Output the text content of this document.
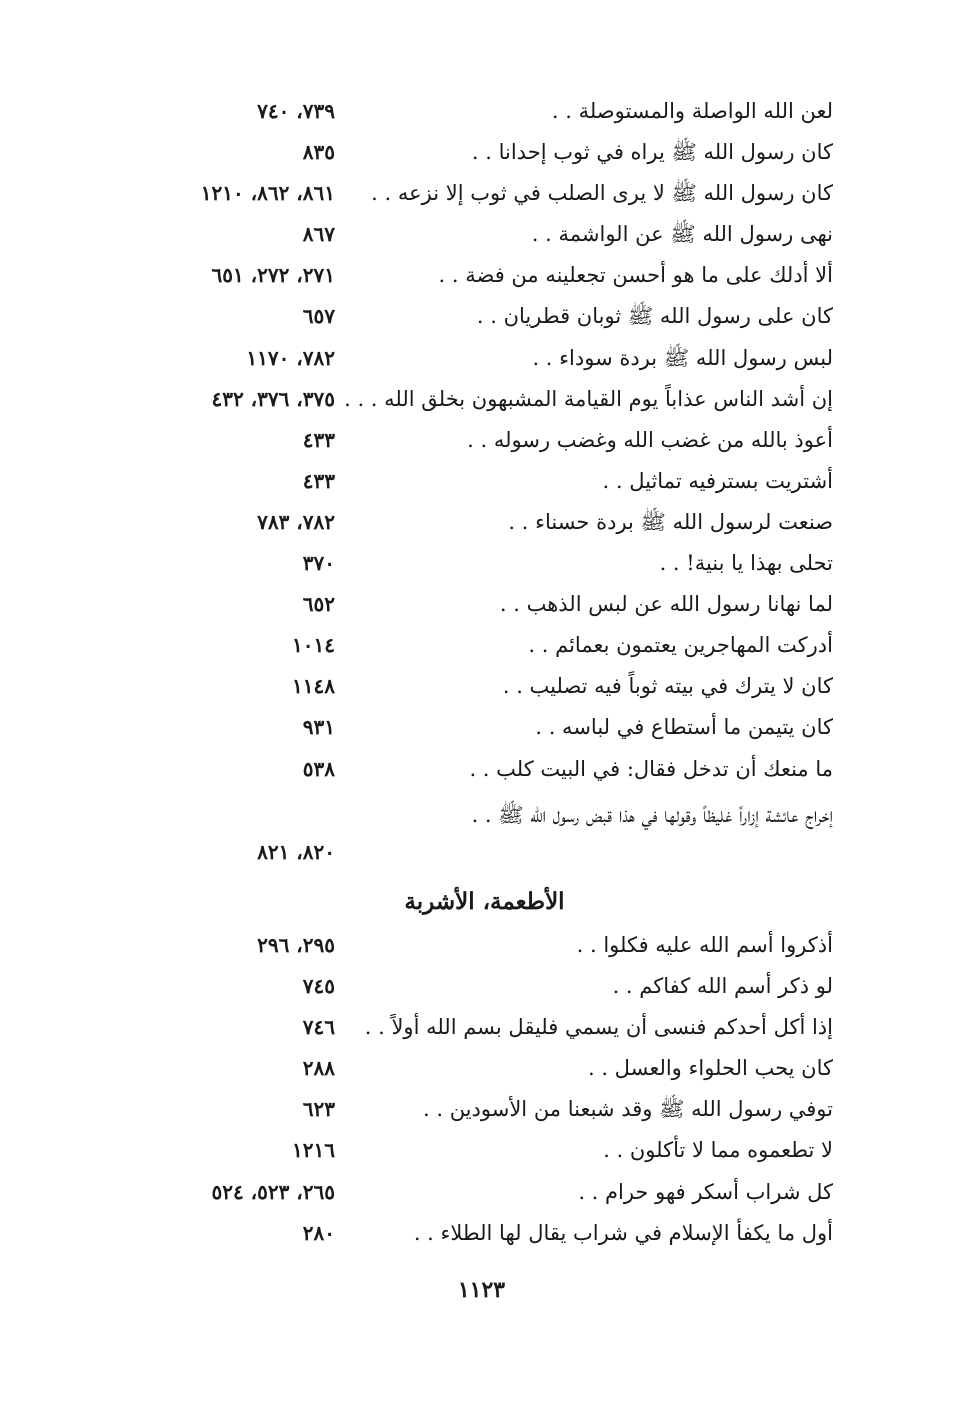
لعن الله الواصلة والمستوصلة . .
٧٣٩، ٧٤٠
كان رسول الله ﷺ يراه في ثوب إحدانا . .
٨٣٥
كان رسول الله ﷺ لا يرى الصلب في ثوب إلا نزعه . .
٨٦١، ٨٦٢، ١٢١٠
نهى رسول الله ﷺ عن الواشمة . .
٨٦٧
ألا أدلك على ما هو أحسن تجعلينه من فضة . .
٢٧١، ٢٧٢، ٦٥١
كان على رسول الله ﷺ ثوبان قطريان . .
٦٥٧
لبس رسول الله ﷺ بردة سوداء . .
٧٨٢، ١١٧٠
إن أشد الناس عذاباً يوم القيامة المشبهون بخلق الله . . .
٣٧٥، ٣٧٦، ٤٣٢
أعوذ بالله من غضب الله وغضب رسوله . .
٤٣٣
أشتريت بسترفيه تماثيل . .
٤٣٣
صنعت لرسول الله ﷺ بردة حسناء . .
٧٨٢، ٧٨٣
تحلى بهذا يا بنية! . .
٣٧٠
لما نهانا رسول الله عن لبس الذهب . .
٦٥٢
أدركت المهاجرين يعتمون بعمائم . .
١٠١٤
كان لا يترك في بيته ثوباً فيه تصليب . .
١١٤٨
كان يتيمن ما أستطاع في لباسه . .
٩٣١
ما منعك أن تدخل فقال: في البيت كلب . .
٥٣٨
إخراج عائشة إزاراً غليظاً وقولها في هذا قبض رسول الله ﷺ . .
٨٢٠، ٨٢١
الأطعمة، الأشربة
أذكروا أسم الله عليه فكلوا . .
٢٩٥، ٢٩٦
لو ذكر أسم الله كفاكم . .
٧٤٥
إذا أكل أحدكم فنسى أن يسمي فليقل بسم الله أولاً . .
٧٤٦
كان يحب الحلواء والعسل . .
٢٨٨
توفي رسول الله ﷺ وقد شبعنا من الأسودين . .
٦٢٣
لا تطعموه مما لا تأكلون . .
١٢١٦
كل شراب أسكر فهو حرام . .
٢٦٥، ٥٢٣، ٥٢٤
أول ما يكفأ الإسلام في شراب يقال لها الطلاء . .
٢٨٠
١١٢٣
